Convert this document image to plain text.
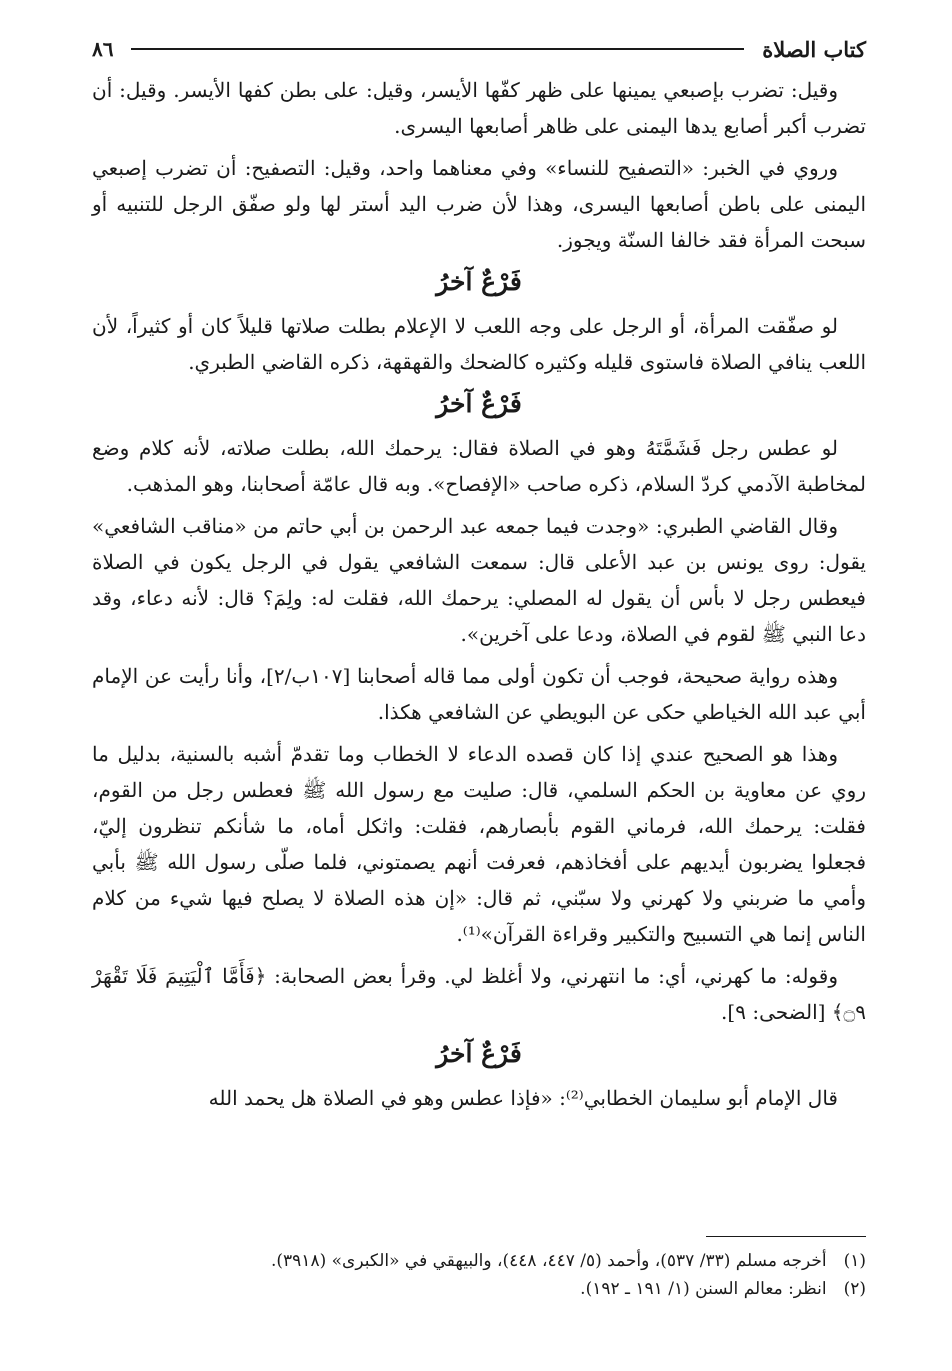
كتاب الصلاة
٨٦

وقيل: تضرب بإصبعي يمينها على ظهر كفّها الأيسر، وقيل: على بطن كفها الأيسر. وقيل: أن تضرب أكبر أصابع يدها اليمنى على ظاهر أصابعها اليسرى.

وروي في الخبر: «التصفيح للنساء» وفي معناهما واحد، وقيل: التصفيح: أن تضرب إصبعي اليمنى على باطن أصابعها اليسرى، وهذا لأن ضرب اليد أستر لها ولو صفّق الرجل للتنبيه أو سبحت المرأة فقد خالفا السنّة ويجوز.

فَرْعٌ آخرُ

لو صفّقت المرأة، أو الرجل على وجه اللعب لا الإعلام بطلت صلاتها قليلاً كان أو كثيراً، لأن اللعب ينافي الصلاة فاستوى قليله وكثيره كالضحك والقهقهة، ذكره القاضي الطبري.

فَرْعٌ آخرُ

لو عطس رجل فَشَمَّتَهُ وهو في الصلاة فقال: يرحمك الله، بطلت صلاته، لأنه كلام وضع لمخاطبة الآدمي كردّ السلام، ذكره صاحب «الإفصاح». وبه قال عامّة أصحابنا، وهو المذهب.

وقال القاضي الطبري: «وجدت فيما جمعه عبد الرحمن بن أبي حاتم من «مناقب الشافعي» يقول: روى يونس بن عبد الأعلى قال: سمعت الشافعي يقول في الرجل يكون في الصلاة فيعطس رجل لا بأس أن يقول له المصلي: يرحمك الله، فقلت له: ولِمَ؟ قال: لأنه دعاء، وقد دعا النبي ﷺ لقوم في الصلاة، ودعا على آخرين».

وهذه رواية صحيحة، فوجب أن تكون أولى مما قاله أصحابنا [١٠٧ب/٢]، وأنا رأيت عن الإمام أبي عبد الله الخياطي حكى عن البويطي عن الشافعي هكذا.

وهذا هو الصحيح عندي إذا كان قصده الدعاء لا الخطاب وما تقدمّ أشبه بالسنية، بدليل ما روي عن معاوية بن الحكم السلمي، قال: صليت مع رسول الله ﷺ فعطس رجل من القوم، فقلت: يرحمك الله، فرماني القوم بأبصارهم، فقلت: واثكل أماه، ما شأنكم تنظرون إليّ، فجعلوا يضربون أيديهم على أفخاذهم، فعرفت أنهم يصمتوني، فلما صلّى رسول الله ﷺ بأبي وأمي ما ضربني ولا كهرني ولا سبّني، ثم قال: «إن هذه الصلاة لا يصلح فيها شيء من كلام الناس إنما هي التسبيح والتكبير وقراءة القرآن»⁽¹⁾.

وقوله: ما كهرني، أي: ما انتهرني، ولا أغلظ لي. وقرأ بعض الصحابة: ﴿فَأَمَّا ٱلْيَتِيمَ فَلَا تَقْهَرْ ۝٩﴾ [الضحى: ٩].

فَرْعٌ آخرُ

قال الإمام أبو سليمان الخطابي⁽²⁾: «فإذا عطس وهو في الصلاة هل يحمد الله

(١) أخرجه مسلم (٣٣/ ٥٣٧)، وأحمد (٥/ ٤٤٧، ٤٤٨)، والبيهقي في «الكبرى» (٣٩١٨).

(٢) انظر: معالم السنن (١/ ١٩١ ـ ١٩٢).
